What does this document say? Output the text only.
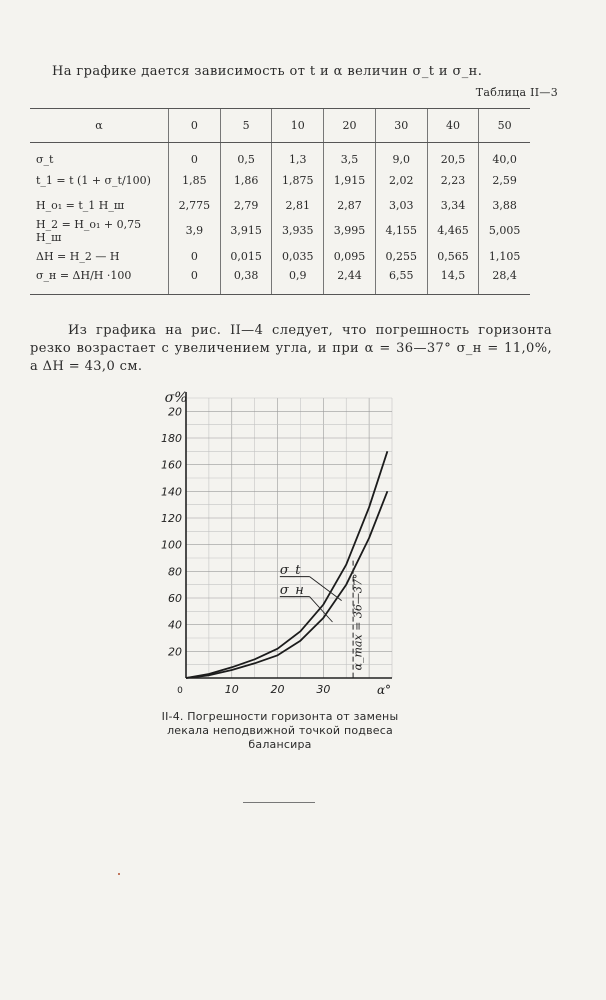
На графике дается зависимость от t и α величин σ_t и σ_н.
Таблица II—3
α	0	5	10	20	30	40	50
σ_t	0	0,5	1,3	3,5	9,0	20,5	40,0
t_1 = t (1 + σ_t/100)	1,85	1,86	1,875	1,915	2,02	2,23	2,59
H_o₁ = t_1 H_ш	2,775	2,79	2,81	2,87	3,03	3,34	3,88
H_2 = H_o₁ + 0,75 H_ш	3,9	3,915	3,935	3,995	4,155	4,465	5,005
ΔH = H_2 — H	0	0,015	0,035	0,095	0,255	0,565	1,105
σ_н = ΔH/H ·100	0	0,38	0,9	2,44	6,55	14,5	28,4
Из графика на рис. II—4 следует, что погрешность горизонта резко возрастает с увеличением угла, и при α = 36—37° σ_н = 11,0%, а ΔH = 43,0 см.
20
40
60
80
100
120
140
160
180
20
10	20	30
0
σ%
α°
σ_t
σ_н	α_max = 36—37°
II-4. Погрешности горизонта от замены лекала неподвижной точкой подвеса балансира
